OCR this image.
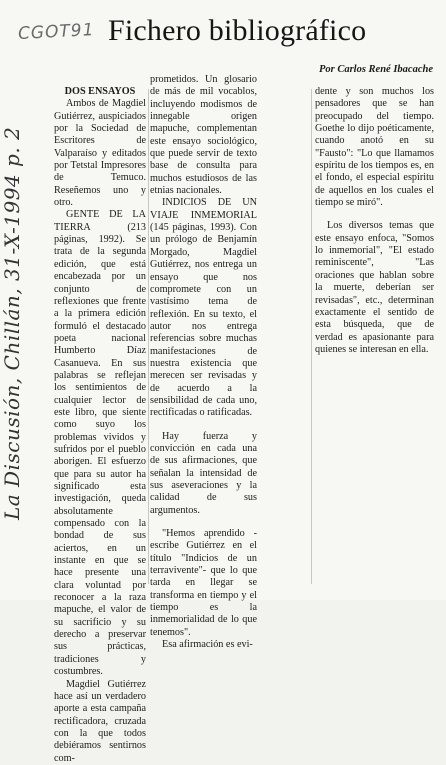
CGOT91 Fichero bibliográfico
Por Carlos René Ibacache
La Discusión, Chillán, 31-X-1994 p. 2

DOS ENSAYOS

Ambos de Magdiel Gutiérrez, auspiciados por la Sociedad de Escritores de Valparaíso y editados por Tetstal Impresores de Temuco. Reseñemos uno y otro.

GENTE DE LA TIERRA (213 páginas, 1992). Se trata de la segunda edición, que está encabezada por un conjunto de reflexiones que frente a la primera edición formuló el destacado poeta nacional Humberto Díaz Casanueva. En sus palabras se reflejan los sentimientos de cualquier lector de este libro, que siente como suyo los problemas vividos y sufridos por el pueblo aborigen. El esfuerzo que para su autor ha significado esta investigación, queda absolutamente compensado con la bondad de sus aciertos, en un instante en que se hace presente una clara voluntad por reconocer a la raza mapuche, el valor de su sacrificio y su derecho a preservar sus prácticas, tradiciones y costumbres.

Magdiel Gutiérrez hace así un verdadero aporte a esta campaña rectificadora, cruzada con la que todos debiéramos sentirnos com-

prometidos. Un glosario de más de mil vocablos, incluyendo modismos de innegable origen mapuche, complementan este ensayo sociológico, que puede servir de texto base de consulta para muchos estudiosos de las etnias nacionales.

INDICIOS DE UN VIAJE INMEMORIAL (145 páginas, 1993). Con un prólogo de Benjamín Morgado, Magdiel Gutiérrez, nos entrega un ensayo que nos compromete con un vastísimo tema de reflexión. En su texto, el autor nos entrega referencias sobre muchas manifestaciones de nuestra existencia que merecen ser revisadas y de acuerdo a la sensibilidad de cada uno, rectificadas o ratificadas.

Hay fuerza y convicción en cada una de sus afirmaciones, que señalan la intensidad de sus aseveraciones y la calidad de sus argumentos.

"Hemos aprendido -escribe Gutiérrez en el título "Indicios de un terravivente"- que lo que tarda en llegar se transforma en tiempo y el tiempo es la inmemorialidad de lo que tenemos".

Esa afirmación es evi-

dente y son muchos los pensadores que se han preocupado del tiempo. Goethe lo dijo poéticamente, cuando anotó en su "Fausto": "Lo que llamamos espíritu de los tiempos es, en el fondo, el especial espíritu de aquellos en los cuales el tiempo se miró".

Los diversos temas que este ensayo enfoca, "Somos lo inmemorial", "El estado reminiscente", "Las oraciones que hablan sobre la muerte, deberían ser revisadas", etc., determinan exactamente el sentido de esta búsqueda, que de verdad es apasionante para quienes se interesan en ella.
